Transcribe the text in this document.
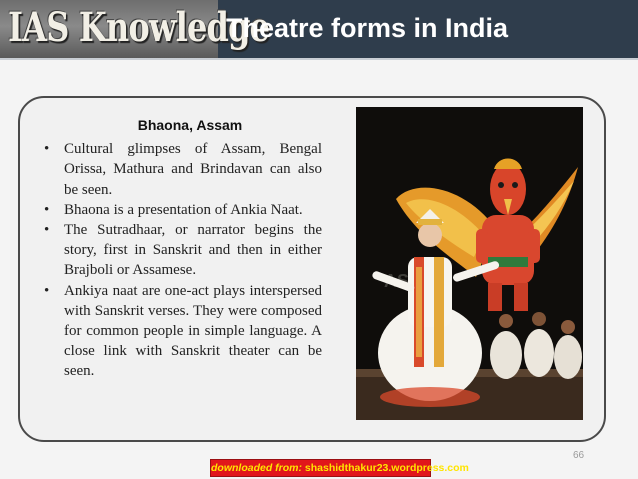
IAS Knowledge
Theatre forms in India
Bhaona, Assam
• Cultural glimpses of Assam, Bengal Orissa, Mathura and Brindavan can also be seen.
• Bhaona is a presentation of Ankia Naat.
• The Sutradhaar, or narrator begins the story, first in Sanskrit and then in either Brajboli or Assamese.
• Ankiya naat are one-act plays interspersed with Sanskrit verses. They were composed for common people in simple language. A close link with Sanskrit theater can be seen.
downloaded from: shashidthakur23.wordpress.com
66
